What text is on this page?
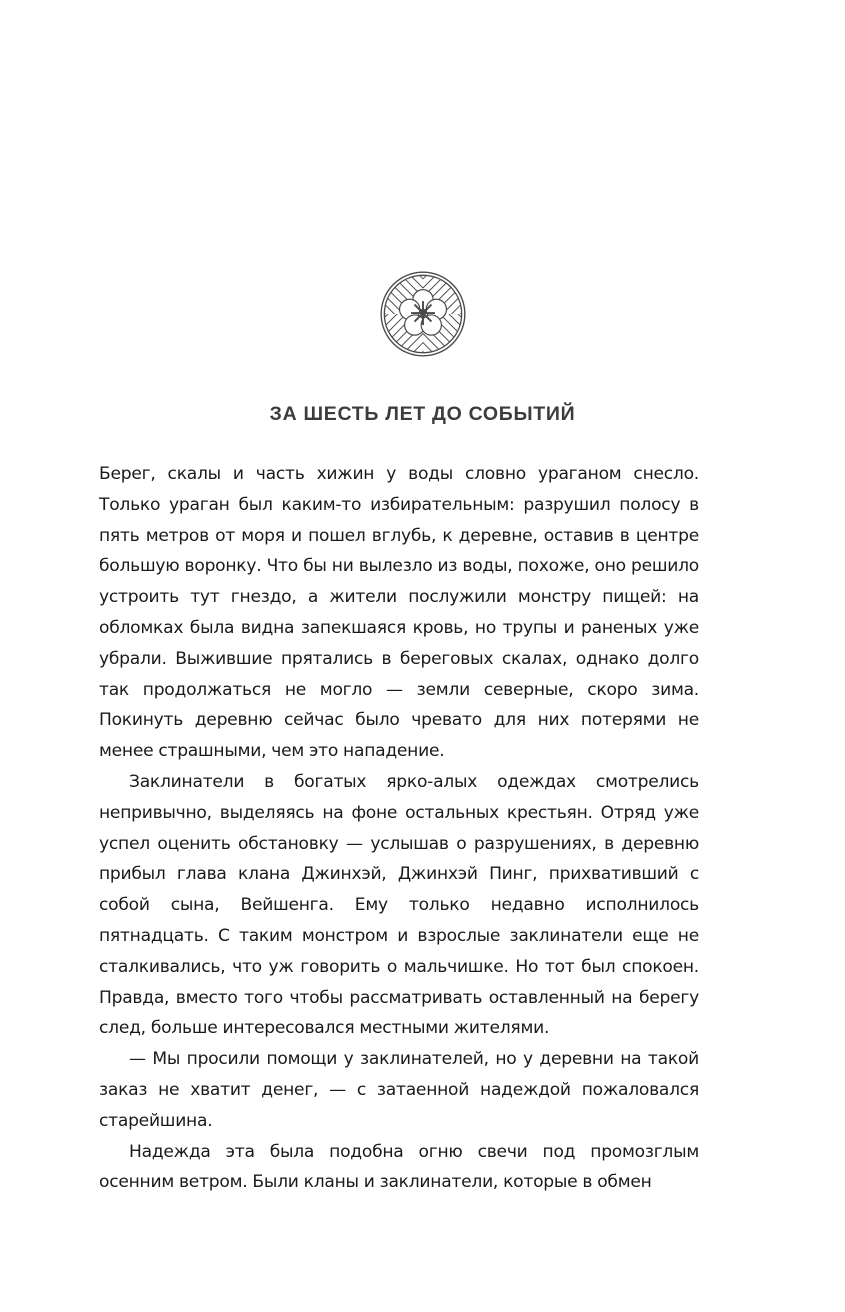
ЗА ШЕСТЬ ЛЕТ ДО СОБЫТИЙ

Берег, скалы и часть хижин у воды словно ураганом снесло. Только ураган был каким-то избирательным: разрушил полосу в пять метров от моря и пошел вглубь, к деревне, оставив в центре большую воронку. Что бы ни вылезло из воды, похоже, оно решило устроить тут гнездо, а жители послужили монстру пищей: на обломках была видна запекшаяся кровь, но трупы и раненых уже убрали. Выжившие прятались в береговых скалах, однако долго так продолжаться не могло — земли северные, скоро зима. Покинуть деревню сейчас было чревато для них потерями не менее страшными, чем это нападение.

Заклинатели в богатых ярко-алых одеждах смотрелись непривычно, выделяясь на фоне остальных крестьян. Отряд уже успел оценить обстановку — услышав о разрушениях, в деревню прибыл глава клана Джинхэй, Джинхэй Пинг, прихвативший с собой сына, Вейшенга. Ему только недавно исполнилось пятнадцать. С таким монстром и взрослые заклинатели еще не сталкивались, что уж говорить о мальчишке. Но тот был спокоен. Правда, вместо того чтобы рассматривать оставленный на берегу след, больше интересовался местными жителями.

— Мы просили помощи у заклинателей, но у деревни на такой заказ не хватит денег, — с затаенной надеждой пожаловался старейшина.

Надежда эта была подобна огню свечи под промозглым осенним ветром. Были кланы и заклинатели, которые в обмен
